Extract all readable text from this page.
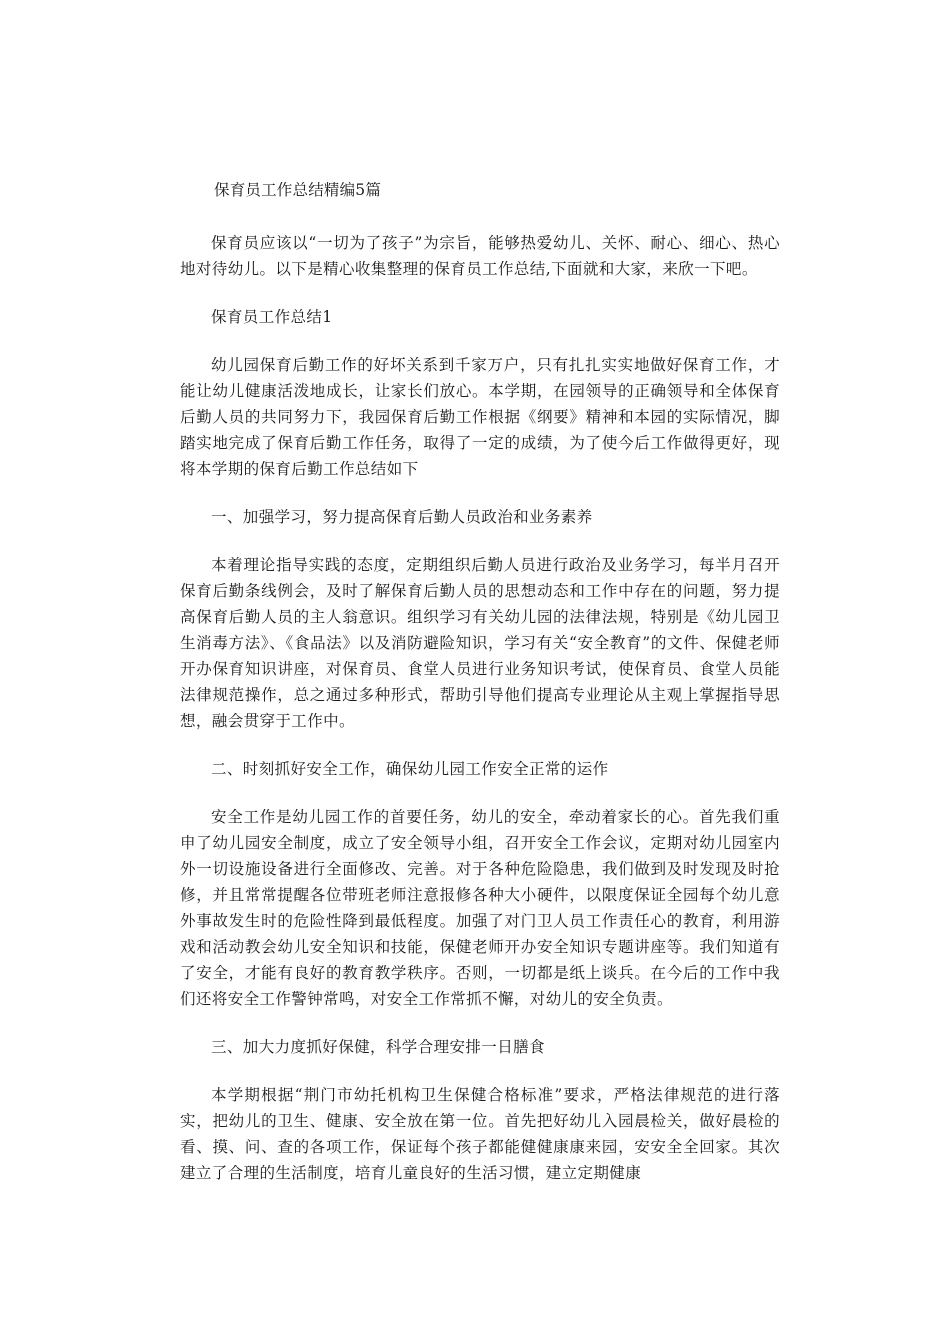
保育员工作总结精编5篇

保育员应该以“一切为了孩子”为宗旨，能够热爱幼儿、关怀、耐心、细心、热心地对待幼儿。以下是精心收集整理的保育员工作总结,下面就和大家，来欣一下吧。

保育员工作总结1

幼儿园保育后勤工作的好坏关系到千家万户，只有扎扎实实地做好保育工作，才能让幼儿健康活泼地成长，让家长们放心。本学期，在园领导的正确领导和全体保育后勤人员的共同努力下，我园保育后勤工作根据《纲要》精神和本园的实际情况，脚踏实地完成了保育后勤工作任务，取得了一定的成绩，为了使今后工作做得更好，现将本学期的保育后勤工作总结如下

一、加强学习，努力提高保育后勤人员政治和业务素养

本着理论指导实践的态度，定期组织后勤人员进行政治及业务学习，每半月召开保育后勤条线例会，及时了解保育后勤人员的思想动态和工作中存在的问题，努力提高保育后勤人员的主人翁意识。组织学习有关幼儿园的法律法规，特别是《幼儿园卫生消毒方法》、《食品法》以及消防避险知识，学习有关“安全教育”的文件、保健老师开办保育知识讲座，对保育员、食堂人员进行业务知识考试，使保育员、食堂人员能法律规范操作，总之通过多种形式，帮助引导他们提高专业理论从主观上掌握指导思想，融会贯穿于工作中。

二、时刻抓好安全工作，确保幼儿园工作安全正常的运作

安全工作是幼儿园工作的首要任务，幼儿的安全，牵动着家长的心。首先我们重申了幼儿园安全制度，成立了安全领导小组，召开安全工作会议，定期对幼儿园室内外一切设施设备进行全面修改、完善。对于各种危险隐患，我们做到及时发现及时抢修，并且常常提醒各位带班老师注意报修各种大小硬件，以限度保证全园每个幼儿意外事故发生时的危险性降到最低程度。加强了对门卫人员工作责任心的教育，利用游戏和活动教会幼儿安全知识和技能，保健老师开办安全知识专题讲座等。我们知道有了安全，才能有良好的教育教学秩序。否则，一切都是纸上谈兵。在今后的工作中我们还将安全工作警钟常鸣，对安全工作常抓不懈，对幼儿的安全负责。

三、加大力度抓好保健，科学合理安排一日膳食

本学期根据“荆门市幼托机构卫生保健合格标准”要求，严格法律规范的进行落实，把幼儿的卫生、健康、安全放在第一位。首先把好幼儿入园晨检关，做好晨检的看、摸、问、查的各项工作，保证每个孩子都能健健康康来园，安安全全回家。其次建立了合理的生活制度，培育儿童良好的生活习惯，建立定期健康
